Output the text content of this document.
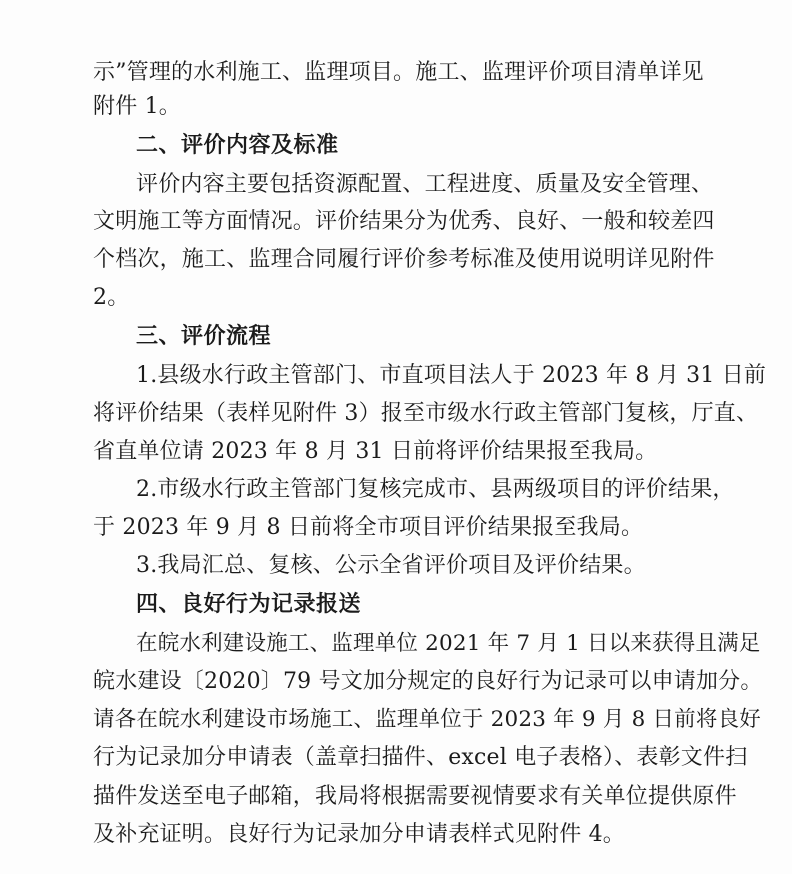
示”管理的水利施工、监理项目。施工、监理评价项目清单详见
附件 1。
二、评价内容及标准
评价内容主要包括资源配置、工程进度、质量及安全管理、
文明施工等方面情况。评价结果分为优秀、良好、一般和较差四
个档次，施工、监理合同履行评价参考标准及使用说明详见附件
2。
三、评价流程
1.县级水行政主管部门、市直项目法人于 2023 年 8 月 31 日前
将评价结果（表样见附件 3）报至市级水行政主管部门复核，厅直、
省直单位请 2023 年 8 月 31 日前将评价结果报至我局。
2.市级水行政主管部门复核完成市、县两级项目的评价结果，
于 2023 年 9 月 8 日前将全市项目评价结果报至我局。
3.我局汇总、复核、公示全省评价项目及评价结果。
四、良好行为记录报送
在皖水利建设施工、监理单位 2021 年 7 月 1 日以来获得且满足
皖水建设〔2020〕79 号文加分规定的良好行为记录可以申请加分。
请各在皖水利建设市场施工、监理单位于 2023 年 9 月 8 日前将良好
行为记录加分申请表（盖章扫描件、excel 电子表格）、表彰文件扫
描件发送至电子邮箱，我局将根据需要视情要求有关单位提供原件
及补充证明。良好行为记录加分申请表样式见附件 4。
